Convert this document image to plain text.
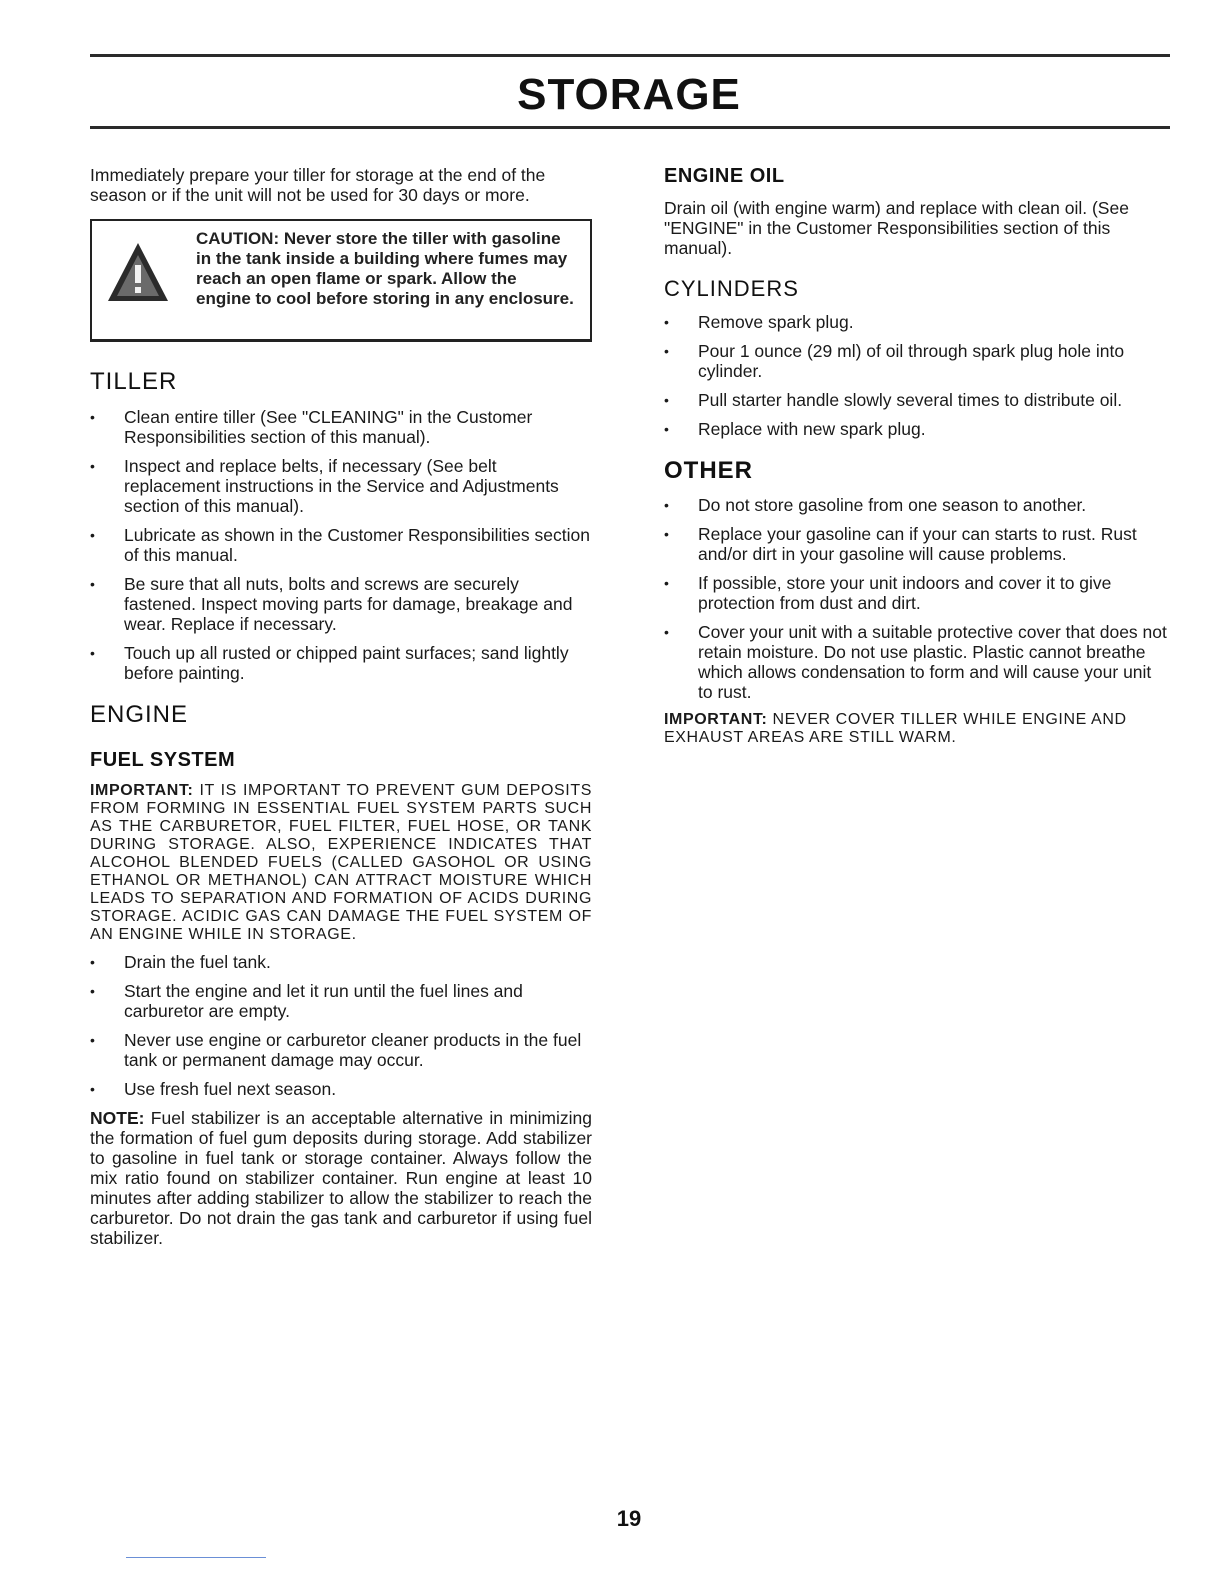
STORAGE

Immediately prepare your tiller for storage at the end of the season or if the unit will not be used for 30 days or more.

CAUTION: Never store the tiller with gasoline in the tank inside a building where fumes may reach an open flame or spark. Allow the engine to cool before storing in any enclosure.

TILLER
•	Clean entire tiller (See "CLEANING" in the Customer Responsibilities section of this manual).
•	Inspect and replace belts, if necessary (See belt replacement instructions in the Service and Adjustments section of this manual).
•	Lubricate as shown in the Customer Responsibilities section of this manual.
•	Be sure that all nuts, bolts and screws are securely fastened. Inspect moving parts for damage, breakage and wear. Replace if necessary.
•	Touch up all rusted or chipped paint surfaces; sand lightly before painting.
ENGINE
FUEL SYSTEM

IMPORTANT: IT IS IMPORTANT TO PREVENT GUM DEPOSITS FROM FORMING IN ESSENTIAL FUEL SYSTEM PARTS SUCH AS THE CARBURETOR, FUEL FILTER, FUEL HOSE, OR TANK DURING STORAGE. ALSO, EXPERIENCE INDICATES THAT ALCOHOL BLENDED FUELS (CALLED GASOHOL OR USING ETHANOL OR METHANOL) CAN ATTRACT MOISTURE WHICH LEADS TO SEPARATION AND FORMATION OF ACIDS DURING STORAGE. ACIDIC GAS CAN DAMAGE THE FUEL SYSTEM OF AN ENGINE WHILE IN STORAGE.

•	Drain the fuel tank.
•	Start the engine and let it run until the fuel lines and carburetor are empty.
•	Never use engine or carburetor cleaner products in the fuel tank or permanent damage may occur.
•	Use fresh fuel next season.

NOTE: Fuel stabilizer is an acceptable alternative in minimizing the formation of fuel gum deposits during storage. Add stabilizer to gasoline in fuel tank or storage container. Always follow the mix ratio found on stabilizer container. Run engine at least 10 minutes after adding stabilizer to allow the stabilizer to reach the carburetor. Do not drain the gas tank and carburetor if using fuel stabilizer.

ENGINE OIL

Drain oil (with engine warm) and replace with clean oil. (See "ENGINE" in the Customer Responsibilities section of this manual).

CYLINDERS
•	Remove spark plug.
•	Pour 1 ounce (29 ml) of oil through spark plug hole into cylinder.
•	Pull starter handle slowly several times to distribute oil.
•	Replace with new spark plug.
OTHER
•	Do not store gasoline from one season to another.
•	Replace your gasoline can if your can starts to rust. Rust and/or dirt in your gasoline will cause problems.
•	If possible, store your unit indoors and cover it to give protection from dust and dirt.
•	Cover your unit with a suitable protective cover that does not retain moisture. Do not use plastic. Plastic cannot breathe which allows condensation to form and will cause your unit to rust.

IMPORTANT: NEVER COVER TILLER WHILE ENGINE AND EXHAUST AREAS ARE STILL WARM.

19
